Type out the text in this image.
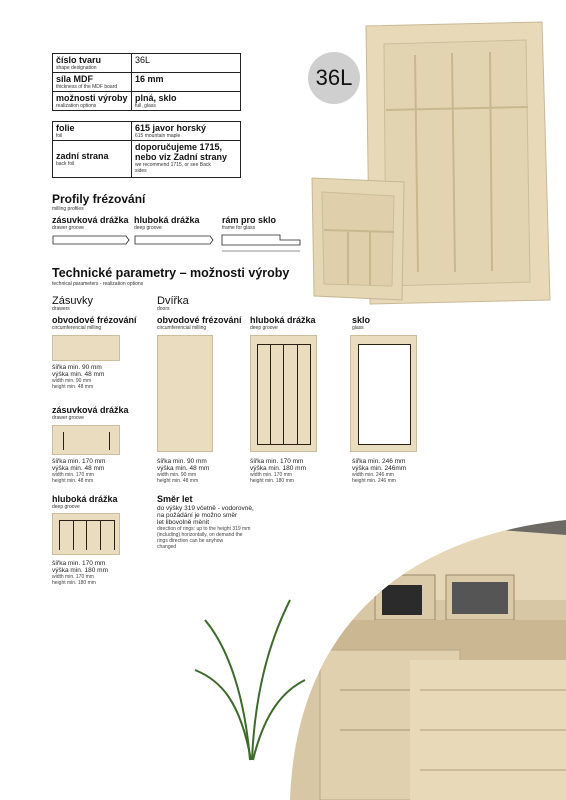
číslo tvaru
shape designation	36L

síla MDF
thickness of the MDF board	16 mm

možnosti výroby
realization options	plná, sklo
full, glass
folie
foil	615 javor horský
615 mountain maple

zadní strana
back foil	doporučujeme 1715, nebo viz Zadní strany
we recommend 1715, or see Back sides
36L
Profily frézování
milling profiles
zásuvková drážka
drawer groove
hluboká drážka
deep groove
rám pro sklo
frame for glass
Technické parametry – možnosti výroby
technical parameters - realization options
Zásuvky
drawers
Dvířka
doors
obvodové frézování
circumferencial milling
šířka min. 90 mm
výška min. 48 mm
width min. 90 mm
height min. 48 mm
zásuvková drážka
drawer groove
šířka min. 170 mm
výška min. 48 mm
width min. 170 mm
height min. 48 mm
hluboká drážka
deep groove
šířka min. 170 mm
výška min. 180 mm
width min. 170 mm
height min. 180 mm
obvodové frézování
circumferencial milling
šířka min. 90 mm
výška min. 48 mm
width min. 90 mm
height min. 48 mm
hluboká drážka
deep groove
šířka min. 170 mm
výška min. 180 mm
width min. 170 mm
height min. 180 mm
sklo
glass
šířka min. 246 mm
výška min. 246mm
width min. 246 mm
height min. 246 mm
Směr let
do výšky 319 včetně - vodorovně,
na požádání je možno směr
let libovolně měnit
direction of rings: up to the height 319 mm
(including) horizontally, on demand the
rings direction can be anyhow
changed
